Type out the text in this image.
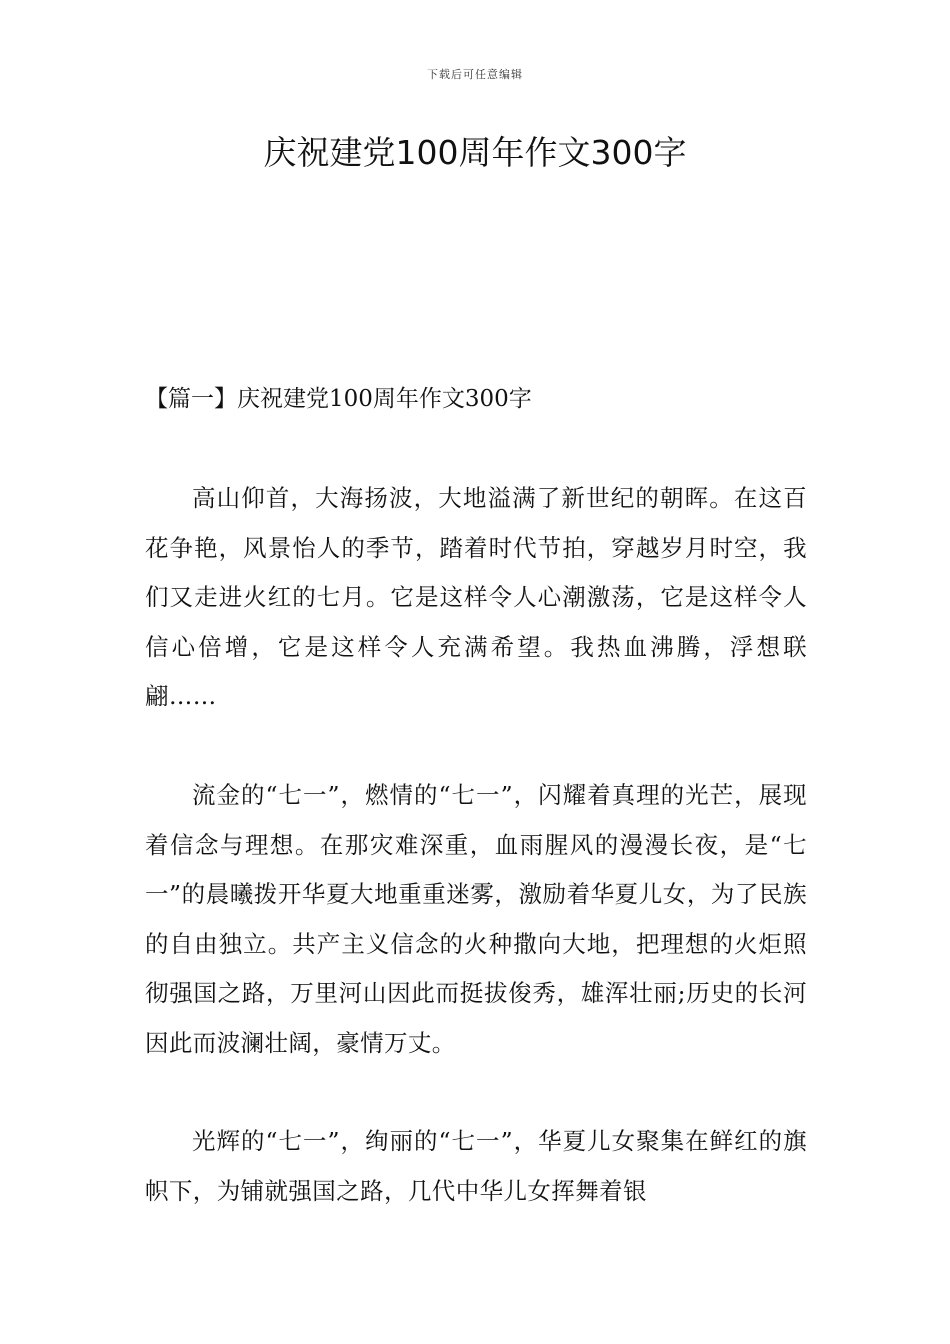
下载后可任意编辑
庆祝建党100周年作文300字
【篇一】庆祝建党100周年作文300字

高山仰首，大海扬波，大地溢满了新世纪的朝晖。在这百花争艳，风景怡人的季节，踏着时代节拍，穿越岁月时空，我们又走进火红的七月。它是这样令人心潮激荡，它是这样令人信心倍增，它是这样令人充满希望。我热血沸腾，浮想联翩……

流金的“七一”，燃情的“七一”，闪耀着真理的光芒，展现着信念与理想。在那灾难深重，血雨腥风的漫漫长夜，是“七一”的晨曦拨开华夏大地重重迷雾，激励着华夏儿女，为了民族的自由独立。共产主义信念的火种撒向大地，把理想的火炬照彻强国之路，万里河山因此而挺拔俊秀，雄浑壮丽;历史的长河因此而波澜壮阔，豪情万丈。

光辉的“七一”，绚丽的“七一”，华夏儿女聚集在鲜红的旗帜下，为铺就强国之路，几代中华儿女挥舞着银
